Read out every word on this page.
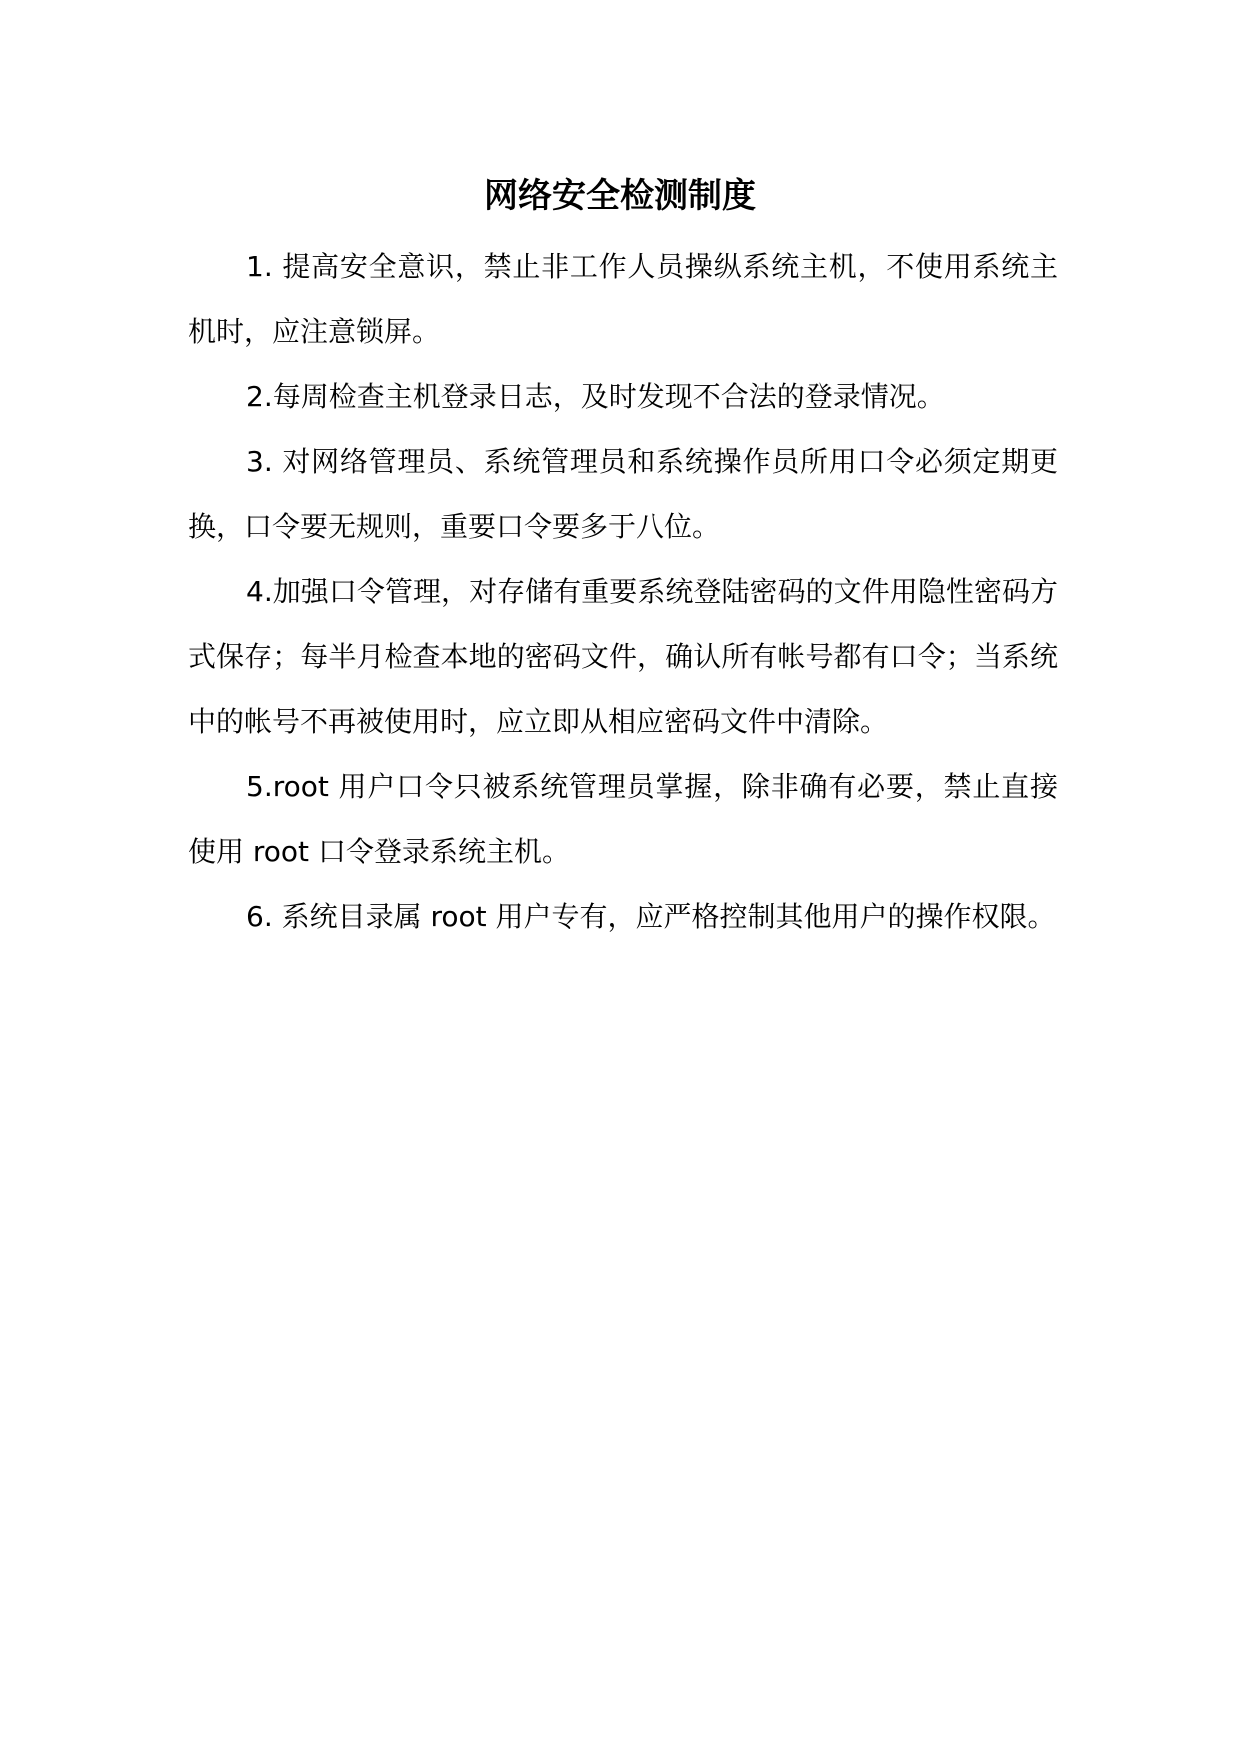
网络安全检测制度

1. 提高安全意识，禁止非工作人员操纵系统主机，不使用系统主机时，应注意锁屏。

2.每周检查主机登录日志，及时发现不合法的登录情况。

3. 对网络管理员、系统管理员和系统操作员所用口令必须定期更换，口令要无规则，重要口令要多于八位。

4.加强口令管理，对存储有重要系统登陆密码的文件用隐性密码方式保存；每半月检查本地的密码文件，确认所有帐号都有口令；当系统中的帐号不再被使用时，应立即从相应密码文件中清除。

5.root 用户口令只被系统管理员掌握，除非确有必要，禁止直接使用 root 口令登录系统主机。

6. 系统目录属 root 用户专有，应严格控制其他用户的操作权限。
